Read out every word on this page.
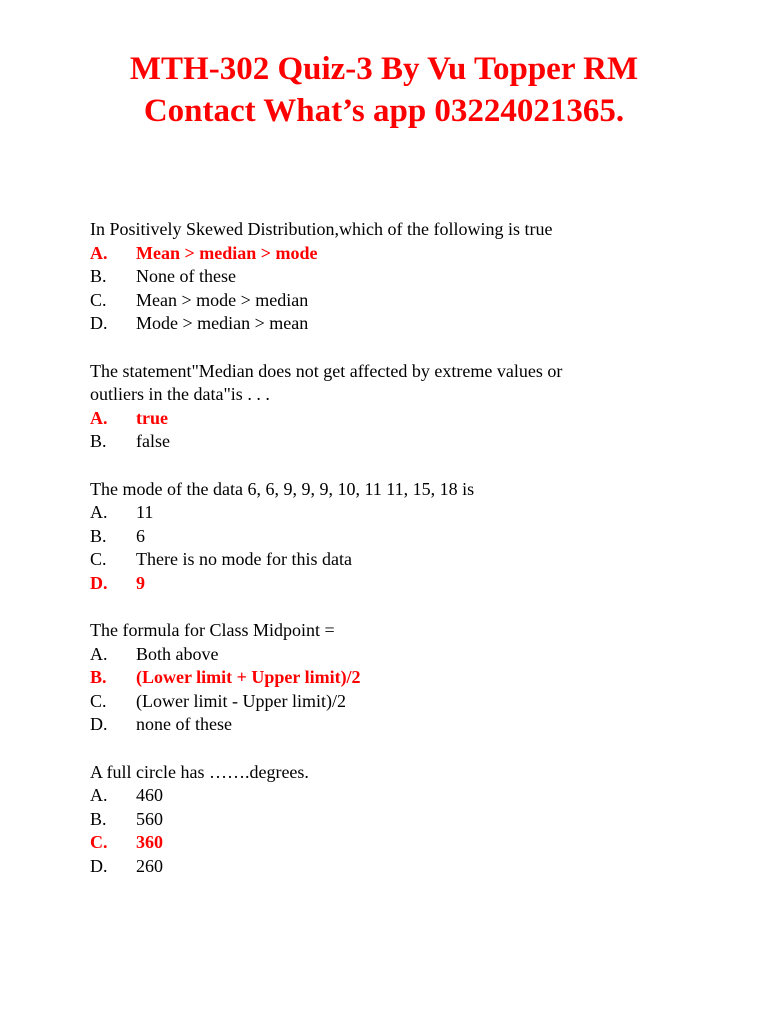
MTH-302 Quiz-3 By Vu Topper RM
Contact What’s app 03224021365.
In Positively Skewed Distribution,which of the following is true
A. Mean > median > mode
B. None of these
C. Mean > mode > median
D. Mode > median > mean
The statement"Median does not get affected by extreme values or
outliers in the data"is . . .
A. true
B. false
The mode of the data 6, 6, 9, 9, 9, 10, 11 11, 15, 18 is
A. 11
B. 6
C. There is no mode for this data
D. 9
The formula for Class Midpoint =
A. Both above
B. (Lower limit + Upper limit)/2
C. (Lower limit - Upper limit)/2
D. none of these
A full circle has …….degrees.
A. 460
B. 560
C. 360
D. 260
